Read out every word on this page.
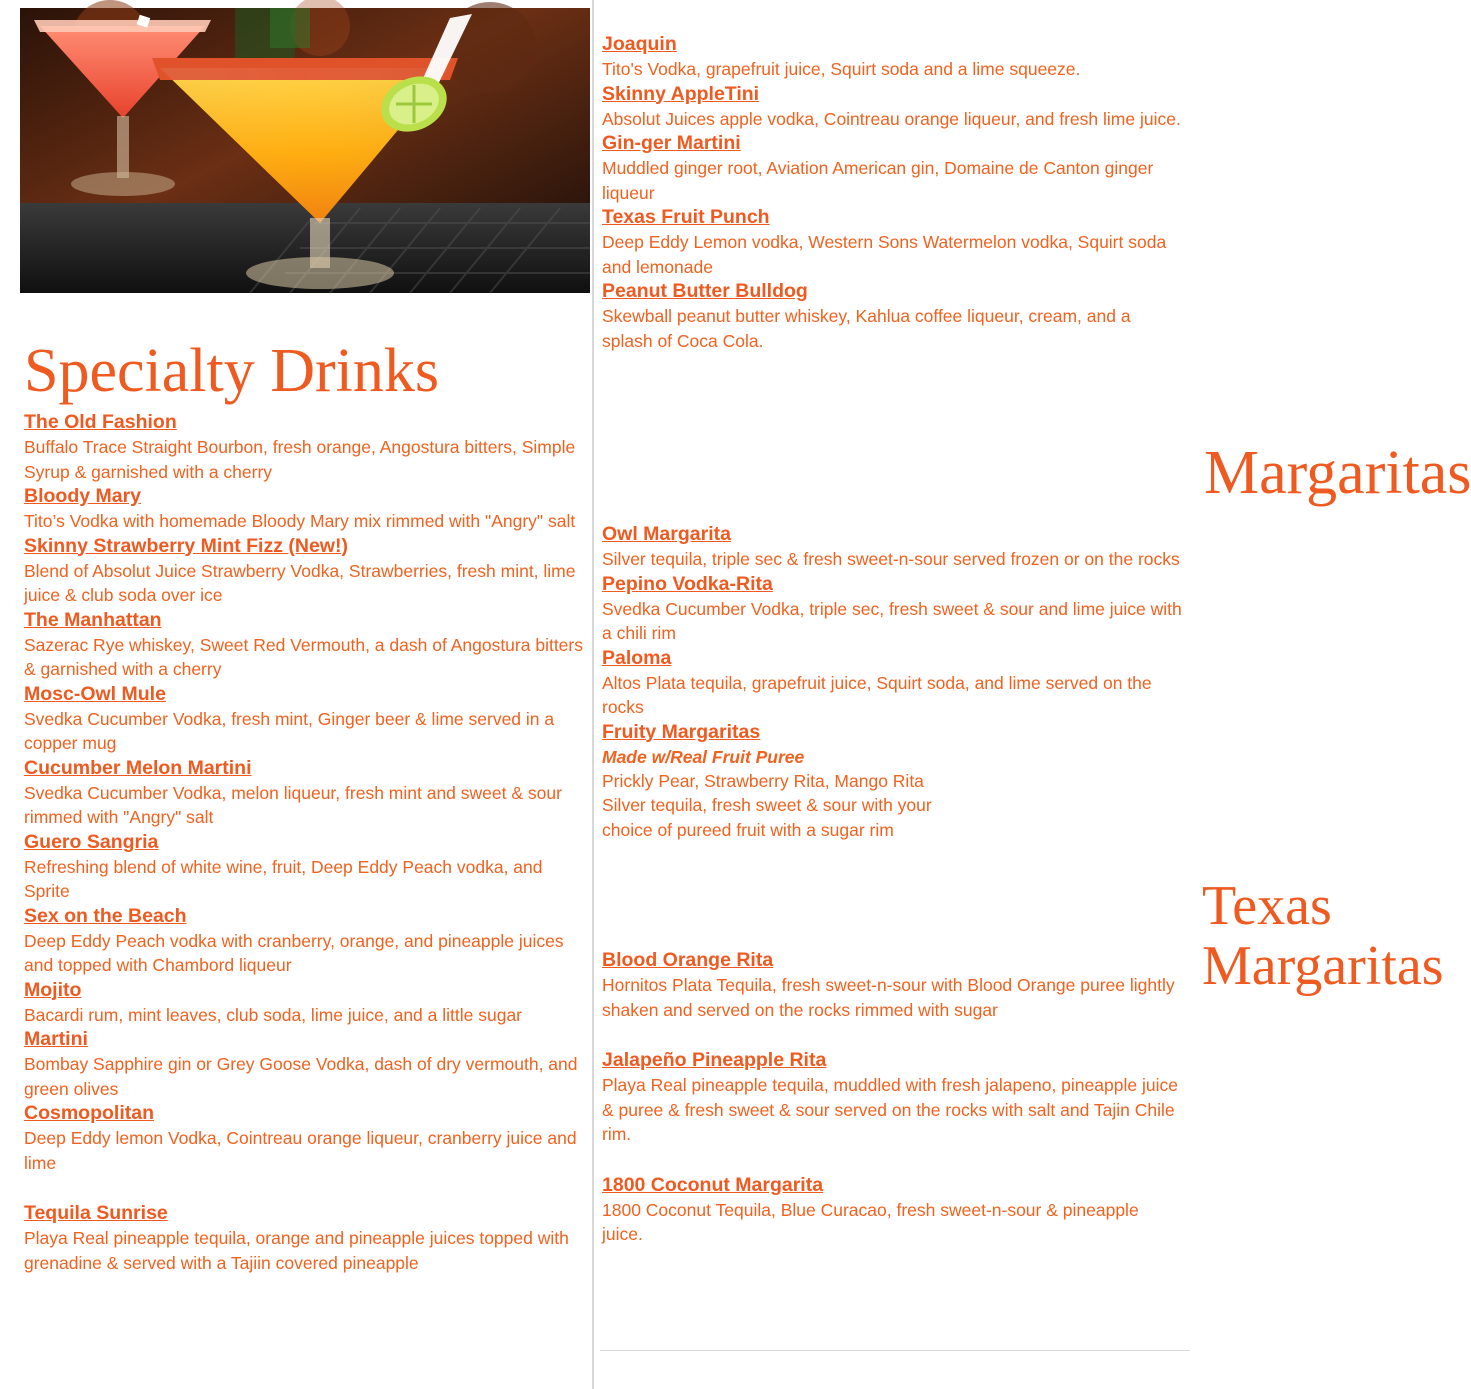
Specialty Drinks
The Old Fashion
Buffalo Trace Straight Bourbon, fresh orange, Angostura bitters, Simple Syrup & garnished with a cherry
Bloody Mary
Tito’s Vodka with homemade Bloody Mary mix rimmed with "Angry" salt
Skinny Strawberry Mint Fizz (New!)
Blend of Absolut Juice Strawberry Vodka, Strawberries, fresh mint, lime juice & club soda over ice
The Manhattan
Sazerac Rye whiskey, Sweet Red Vermouth, a dash of Angostura bitters & garnished with a cherry
Mosc-Owl Mule
Svedka Cucumber Vodka, fresh mint, Ginger beer & lime served in a copper mug
Cucumber Melon Martini
Svedka Cucumber Vodka, melon liqueur, fresh mint and sweet & sour rimmed with "Angry" salt
Guero Sangria
Refreshing blend of white wine, fruit, Deep Eddy Peach vodka, and Sprite
Sex on the Beach
Deep Eddy Peach vodka with cranberry, orange, and pineapple juices and topped with Chambord liqueur
Mojito
Bacardi rum, mint leaves, club soda, lime juice, and a little sugar
Martini
Bombay Sapphire gin or Grey Goose Vodka, dash of dry vermouth, and green olives
Cosmopolitan
Deep Eddy lemon Vodka, Cointreau orange liqueur, cranberry juice and lime
Tequila Sunrise
Playa Real pineapple tequila, orange and pineapple juices topped with grenadine & served with a Tajiin covered pineapple
Joaquin
Tito's Vodka, grapefruit juice, Squirt soda and a lime squeeze.
Skinny AppleTini
Absolut Juices apple vodka, Cointreau orange liqueur, and fresh lime juice.
Gin-ger Martini
Muddled ginger root, Aviation American gin, Domaine de Canton ginger liqueur
Texas Fruit Punch
Deep Eddy Lemon vodka, Western Sons Watermelon vodka, Squirt soda and lemonade
Peanut Butter Bulldog
Skewball peanut butter whiskey, Kahlua coffee liqueur, cream, and a splash of Coca Cola.
Margaritas
Owl Margarita
Silver tequila, triple sec & fresh sweet-n-sour served frozen or on the rocks
Pepino Vodka-Rita
Svedka Cucumber Vodka, triple sec, fresh sweet & sour and lime juice with a chili rim
Paloma
Altos Plata tequila, grapefruit juice, Squirt soda, and lime served on the rocks
Fruity Margaritas
Made w/Real Fruit Puree
Prickly Pear, Strawberry Rita, Mango Rita
Silver tequila, fresh sweet & sour with your
choice of pureed fruit with a sugar rim
Texas Margaritas
Blood Orange Rita
Hornitos Plata Tequila, fresh sweet-n-sour with Blood Orange puree lightly shaken and served on the rocks rimmed with sugar
Jalapeño Pineapple Rita
Playa Real pineapple tequila, muddled with fresh jalapeno, pineapple juice & puree & fresh sweet & sour served on the rocks with salt and Tajin Chile rim.
1800 Coconut Margarita
1800 Coconut Tequila, Blue Curacao, fresh sweet-n-sour & pineapple juice.
